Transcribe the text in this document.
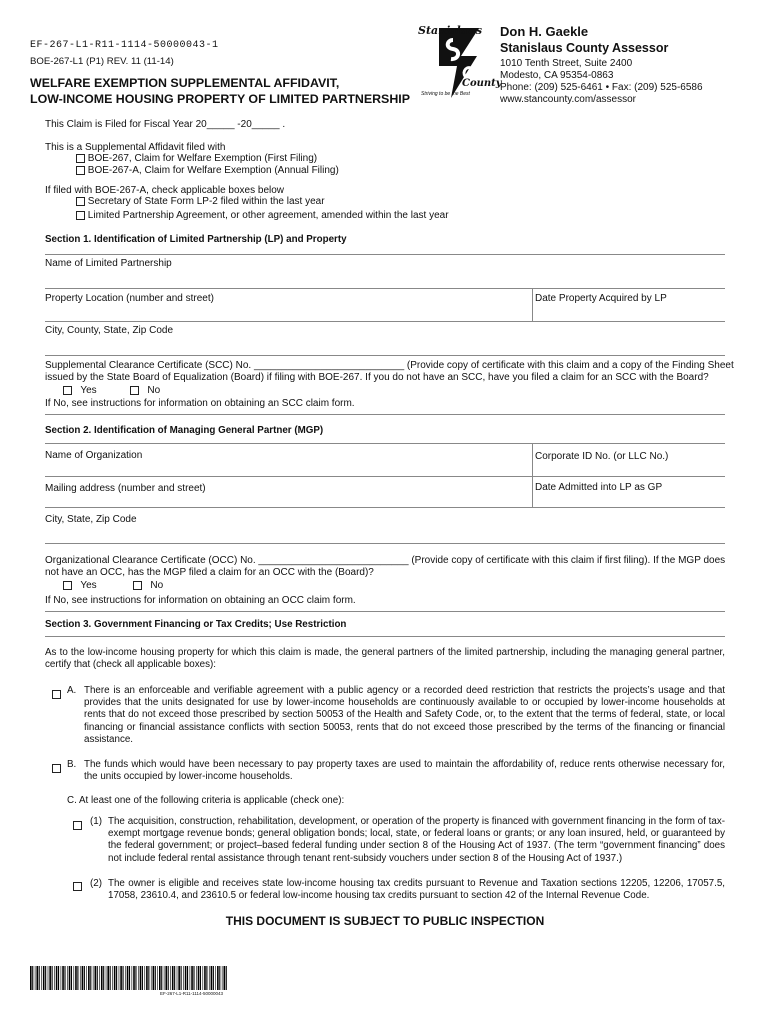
EF-267-L1-R11-1114-50000043-1
BOE-267-L1 (P1) REV. 11 (11-14)
WELFARE EXEMPTION SUPPLEMENTAL AFFIDAVIT,
LOW-INCOME HOUSING PROPERTY OF LIMITED PARTNERSHIP
Stanislaus
County
Striving to be the Best
Don H. Gaekle
Stanislaus County Assessor
1010 Tenth Street, Suite 2400
Modesto, CA 95354-0863
Phone: (209) 525-6461 • Fax: (209) 525-6586
www.stancounty.com/assessor
This Claim is Filed for Fiscal Year 20_____ -20_____ .
This is a Supplemental Affidavit filed with
BOE-267, Claim for Welfare Exemption (First Filing)
BOE-267-A, Claim for Welfare Exemption (Annual Filing)
If filed with BOE-267-A, check applicable boxes below
Secretary of State Form LP-2 filed within the last year
Limited Partnership Agreement, or other agreement, amended within the last year
Section 1. Identification of Limited Partnership (LP) and Property
Name of Limited Partnership
Property Location (number and street)	Date Property Acquired by LP
City, County, State, Zip Code
Supplemental Clearance Certificate (SCC) No. ___________________________ (Provide copy of certificate with this claim and a copy of the Finding Sheet
issued by the State Board of Equalization (Board) if filing with BOE-267. If you do not have an SCC, have you filed a claim for an SCC with the Board?
Yes	No
If No, see instructions for information on obtaining an SCC claim form.
Section 2. Identification of Managing General Partner (MGP)
Name of Organization	Corporate ID No. (or LLC No.)
Mailing address (number and street)	Date Admitted into LP as GP
City, State, Zip Code
Organizational Clearance Certificate (OCC) No. ___________________________ (Provide copy of certificate with this claim if first filing). If the MGP does
not have an OCC, has the MGP filed a claim for an OCC with the (Board)?
Yes	No
If No, see instructions for information on obtaining an OCC claim form.
Section 3. Government Financing or Tax Credits; Use Restriction
As to the low-income housing property for which this claim is made, the general partners of the limited partnership, including the managing general partner, certify that (check all applicable boxes):
A. There is an enforceable and verifiable agreement with a public agency or a recorded deed restriction that restricts the projects’s usage and that provides that the units designated for use by lower-income households are continuously available to or occupied by lower-income households at rents that do not exceed those prescribed by section 50053 of the Health and Safety Code, or, to the extent that the terms of federal, state, or local financing or financial assistance conflicts with section 50053, rents that do not exceed those prescribed by the terms of the financing or financial assistance.
B. The funds which would have been necessary to pay property taxes are used to maintain the affordability of, reduce rents otherwise necessary for, the units occupied by lower-income households.
C. At least one of the following criteria is applicable (check one):
(1) The acquisition, construction, rehabilitation, development, or operation of the property is financed with government financing in the form of tax-exempt mortgage revenue bonds; general obligation bonds; local, state, or federal loans or grants; or any loan insured, held, or guaranteed by the federal government; or project–based federal funding under section 8 of the Housing Act of 1937. (The term “government financing” does not include federal rental assistance through tenant rent-subsidy vouchers under section 8 of the Housing Act of 1937.)
(2) The owner is eligible and receives state low-income housing tax credits pursuant to Revenue and Taxation sections 12205, 12206, 17057.5, 17058, 23610.4, and 23610.5 or federal low-income housing tax credits pursuant to section 42 of the Internal Revenue Code.
THIS DOCUMENT IS SUBJECT TO PUBLIC INSPECTION
EF-267-L1-R11-1114-50000043
